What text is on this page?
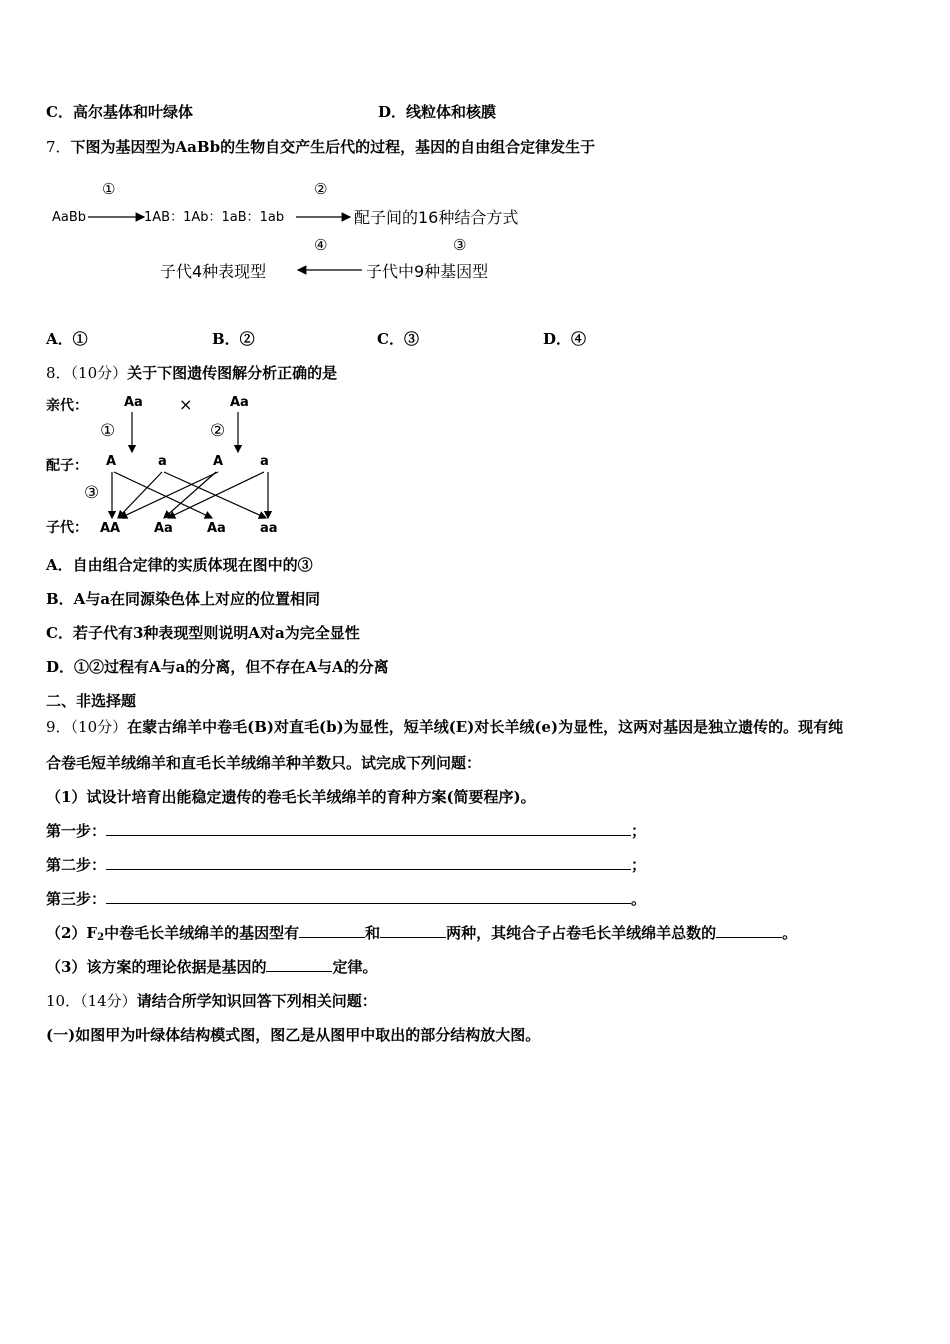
C．高尔基体和叶绿体	D．线粒体和核膜
7．下图为基因型为AaBb的生物自交产生后代的过程，基因的自由组合定律发生于
①	②
AaBb	1AB：1Ab：1aB：1ab	配子间的16种结合方式
④	③
子代4种表现型	子代中9种基因型
A．①	B．②	C．③	D．④
8．（10分）关于下图遗传图解分析正确的是
亲代：	Aa ×	Aa
①	②
配子： A	a	A	a
③
子代： AA	Aa	Aa	aa
A．自由组合定律的实质体现在图中的③
B．A与a在同源染色体上对应的位置相同
C．若子代有3种表现型则说明A对a为完全显性
D．①②过程有A与a的分离，但不存在A与A的分离
二、非选择题
9．（10分）在蒙古绵羊中卷毛(B)对直毛(b)为显性，短羊绒(E)对长羊绒(e)为显性，这两对基因是独立遗传的。现有纯
合卷毛短羊绒绵羊和直毛长羊绒绵羊种羊数只。试完成下列问题：
（1）试设计培育出能稳定遗传的卷毛长羊绒绵羊的育种方案(简要程序)。
第一步：	；
第二步：	；
第三步：	。
$(2)F_2$中卷毛长羊绒绵羊的基因型有	和	两种，其纯合子占卷毛长羊绒绵羊总数的	。
（3）该方案的理论依据是基因的	定律。
10．（14分）请结合所学知识回答下列相关问题：
(一)如图甲为叶绿体结构模式图，图乙是从图甲中取出的部分结构放大图。
